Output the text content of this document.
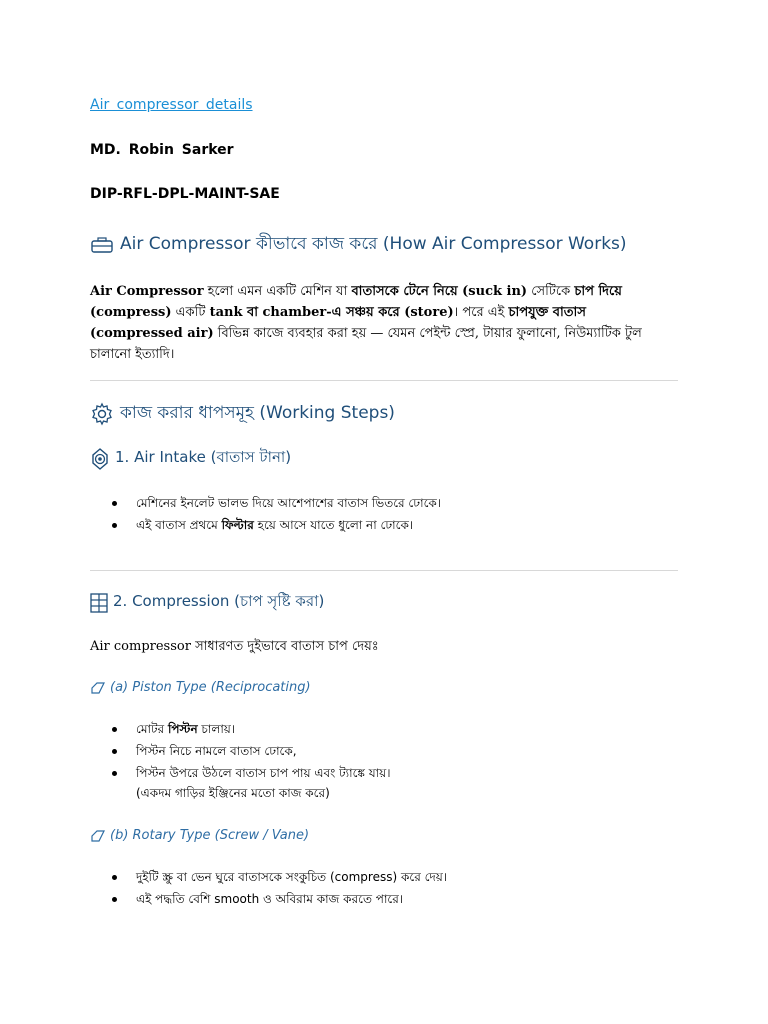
Air compressor details
MD. Robin Sarker
DIP-RFL-DPL-MAINT-SAE
Air Compressor কীভাবে কাজ করে (How Air Compressor Works)
Air Compressor হলো এমন একটি মেশিন যা বাতাসকে টেনে নিয়ে (suck in) সেটিকে চাপ দিয়ে (compress) একটি tank বা chamber-এ সঞ্চয় করে (store)। পরে এই চাপযুক্ত বাতাস (compressed air) বিভিন্ন কাজে ব্যবহার করা হয় — যেমন পেইন্ট স্প্রে, টায়ার ফুলানো, নিউম্যাটিক টুল চালানো ইত্যাদি।
কাজ করার ধাপসমূহ (Working Steps)
1. Air Intake (বাতাস টানা)
মেশিনের ইনলেট ভালভ দিয়ে আশেপাশের বাতাস ভিতরে ঢোকে।
এই বাতাস প্রথমে ফিল্টার হয়ে আসে যাতে ধুলো না ঢোকে।
2. Compression (চাপ সৃষ্টি করা)
Air compressor সাধারণত দুইভাবে বাতাস চাপ দেয়ঃ
(a) Piston Type (Reciprocating)
মোটর পিস্টন চালায়।
পিস্টন নিচে নামলে বাতাস ঢোকে,
পিস্টন উপরে উঠলে বাতাস চাপ পায় এবং ট্যাঙ্কে যায়।
(একদম গাড়ির ইঞ্জিনের মতো কাজ করে)
(b) Rotary Type (Screw / Vane)
দুইটি স্ক্রু বা ভেন ঘুরে বাতাসকে সংকুচিত (compress) করে দেয়।
এই পদ্ধতি বেশি smooth ও অবিরাম কাজ করতে পারে।
